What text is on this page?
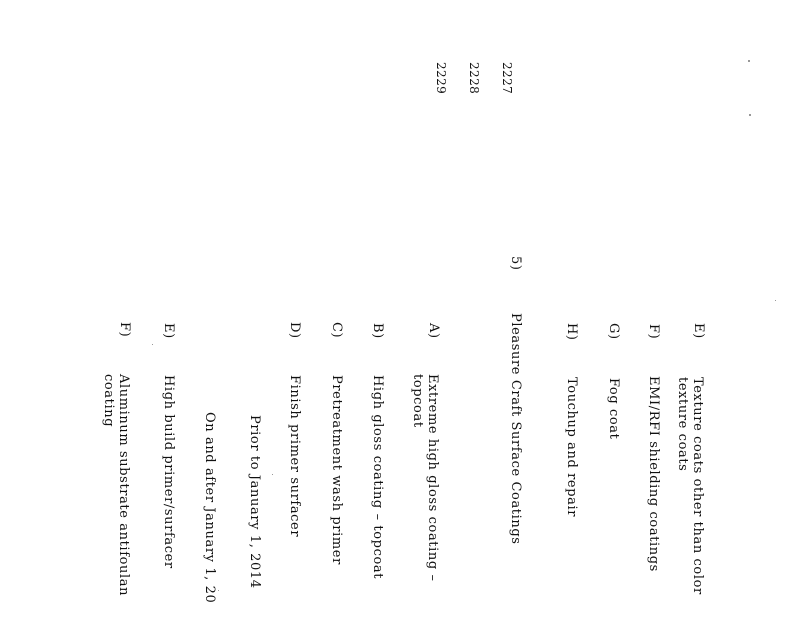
2227

2228

2229

E)
Texture coats other than color
texture coats
F)
EMI/RFI shielding coatings
G)
Fog coat
H)
Touchup and repair
5)
Pleasure Craft Surface Coatings
A)
Extreme high gloss coating –
topcoat
B)
High gloss coating – topcoat
C)
Pretreatment wash primer
D)
Finish primer surfacer
Prior to January 1, 2014
On and after January 1, 20
E)
High build primer/surfacer
F)
Aluminum substrate antifoulan
coating
